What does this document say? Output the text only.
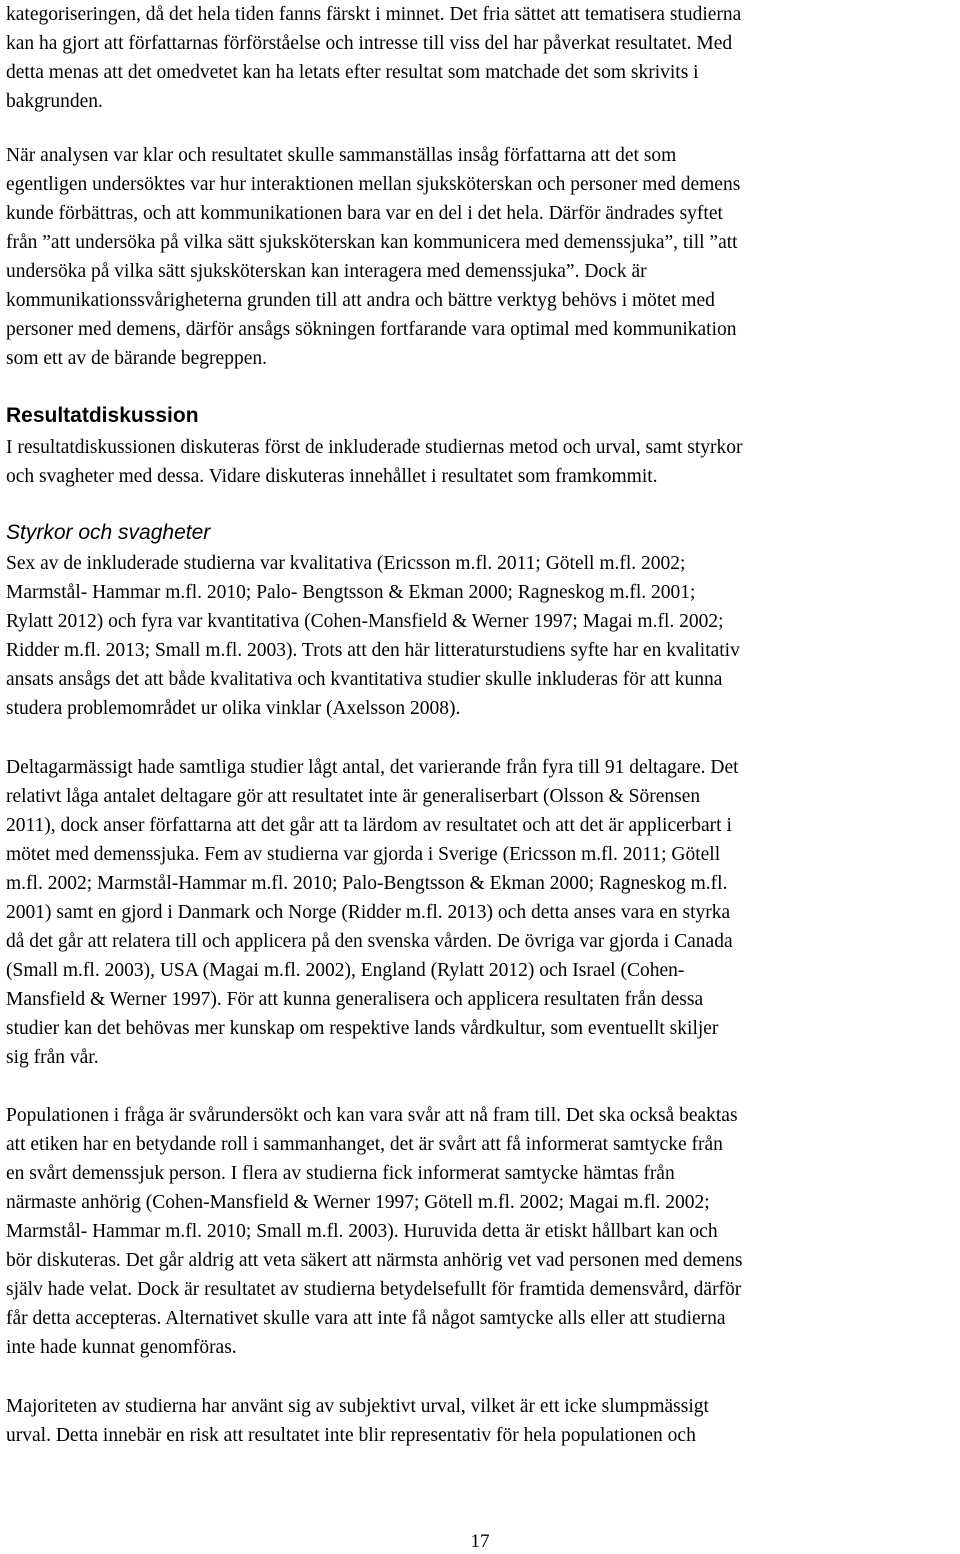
kategoriseringen, då det hela tiden fanns färskt i minnet. Det fria sättet att tematisera studierna
kan ha gjort att författarnas förförståelse och intresse till viss del har påverkat resultatet. Med
detta menas att det omedvetet kan ha letats efter resultat som matchade det som skrivits i
bakgrunden.
När analysen var klar och resultatet skulle sammanställas insåg författarna att det som
egentligen undersöktes var hur interaktionen mellan sjuksköterskan och personer med demens
kunde förbättras, och att kommunikationen bara var en del i det hela. Därför ändrades syftet
från ”att undersöka på vilka sätt sjuksköterskan kan kommunicera med demenssjuka”, till ”att
undersöka på vilka sätt sjuksköterskan kan interagera med demenssjuka”. Dock är
kommunikationssvårigheterna grunden till att andra och bättre verktyg behövs i mötet med
personer med demens, därför ansågs sökningen fortfarande vara optimal med kommunikation
som ett av de bärande begreppen.
Resultatdiskussion
I resultatdiskussionen diskuteras först de inkluderade studiernas metod och urval, samt styrkor
och svagheter med dessa. Vidare diskuteras innehållet i resultatet som framkommit.
Styrkor och svagheter
Sex av de inkluderade studierna var kvalitativa (Ericsson m.fl. 2011; Götell m.fl. 2002;
Marmstål- Hammar m.fl. 2010; Palo- Bengtsson & Ekman 2000; Ragneskog m.fl. 2001;
Rylatt 2012) och fyra var kvantitativa (Cohen-Mansfield & Werner 1997; Magai m.fl. 2002;
Ridder m.fl. 2013; Small m.fl. 2003). Trots att den här litteraturstudiens syfte har en kvalitativ
ansats ansågs det att både kvalitativa och kvantitativa studier skulle inkluderas för att kunna
studera problemområdet ur olika vinklar (Axelsson 2008).
Deltagarmässigt hade samtliga studier lågt antal, det varierande från fyra till 91 deltagare. Det
relativt låga antalet deltagare gör att resultatet inte är generaliserbart (Olsson & Sörensen
2011), dock anser författarna att det går att ta lärdom av resultatet och att det är applicerbart i
mötet med demenssjuka. Fem av studierna var gjorda i Sverige (Ericsson m.fl. 2011; Götell
m.fl. 2002; Marmstål-Hammar m.fl. 2010; Palo-Bengtsson & Ekman 2000; Ragneskog m.fl.
2001) samt en gjord i Danmark och Norge (Ridder m.fl. 2013) och detta anses vara en styrka
då det går att relatera till och applicera på den svenska vården. De övriga var gjorda i Canada
(Small m.fl. 2003), USA (Magai m.fl. 2002), England (Rylatt 2012) och Israel (Cohen-
Mansfield & Werner 1997). För att kunna generalisera och applicera resultaten från dessa
studier kan det behövas mer kunskap om respektive lands vårdkultur, som eventuellt skiljer
sig från vår.
Populationen i fråga är svårundersökt och kan vara svår att nå fram till. Det ska också beaktas
att etiken har en betydande roll i sammanhanget, det är svårt att få informerat samtycke från
en svårt demenssjuk person. I flera av studierna fick informerat samtycke hämtas från
närmaste anhörig (Cohen-Mansfield & Werner 1997; Götell m.fl. 2002; Magai m.fl. 2002;
Marmstål- Hammar m.fl. 2010; Small m.fl. 2003). Huruvida detta är etiskt hållbart kan och
bör diskuteras. Det går aldrig att veta säkert att närmsta anhörig vet vad personen med demens
själv hade velat. Dock är resultatet av studierna betydelsefullt för framtida demensvård, därför
får detta accepteras. Alternativet skulle vara att inte få något samtycke alls eller att studierna
inte hade kunnat genomföras.
Majoriteten av studierna har använt sig av subjektivt urval, vilket är ett icke slumpmässigt
urval. Detta innebär en risk att resultatet inte blir representativ för hela populationen och
17
